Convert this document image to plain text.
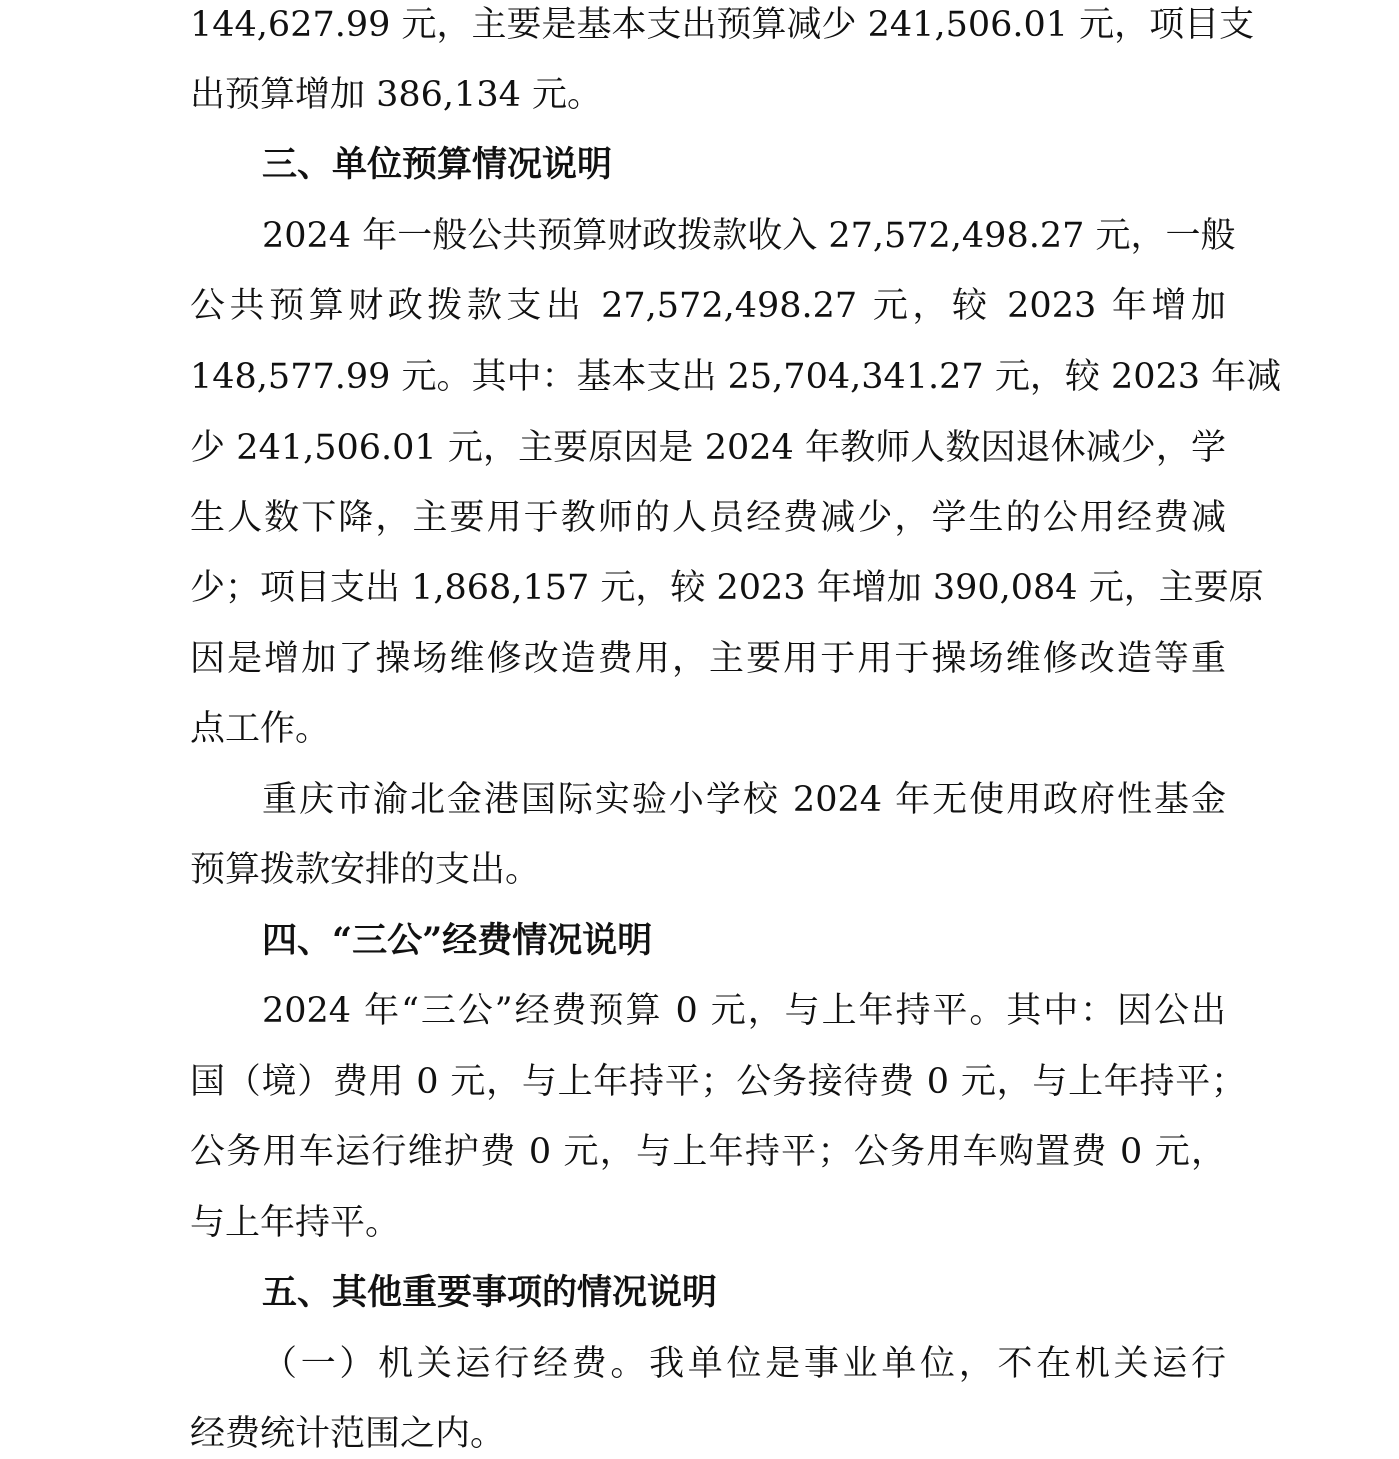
144,627.99 元，主要是基本支出预算减少 241,506.01 元，项目支
出预算增加 386,134 元。
三、单位预算情况说明
2024 年一般公共预算财政拨款收入 27,572,498.27 元，一般
公共预算财政拨款支出 27,572,498.27 元，较 2023 年增加
148,577.99 元。其中：基本支出 25,704,341.27 元，较 2023 年减
少 241,506.01 元，主要原因是 2024 年教师人数因退休减少，学
生人数下降，主要用于教师的人员经费减少，学生的公用经费减
少；项目支出 1,868,157 元，较 2023 年增加 390,084 元，主要原
因是增加了操场维修改造费用，主要用于用于操场维修改造等重
点工作。
重庆市渝北金港国际实验小学校 2024 年无使用政府性基金
预算拨款安排的支出。
四、“三公”经费情况说明
2024 年“三公”经费预算 0 元，与上年持平。其中：因公出
国（境）费用 0 元，与上年持平；公务接待费 0 元，与上年持平；
公务用车运行维护费 0 元，与上年持平；公务用车购置费 0 元，
与上年持平。
五、其他重要事项的情况说明
（一）机关运行经费。我单位是事业单位，不在机关运行
经费统计范围之内。
